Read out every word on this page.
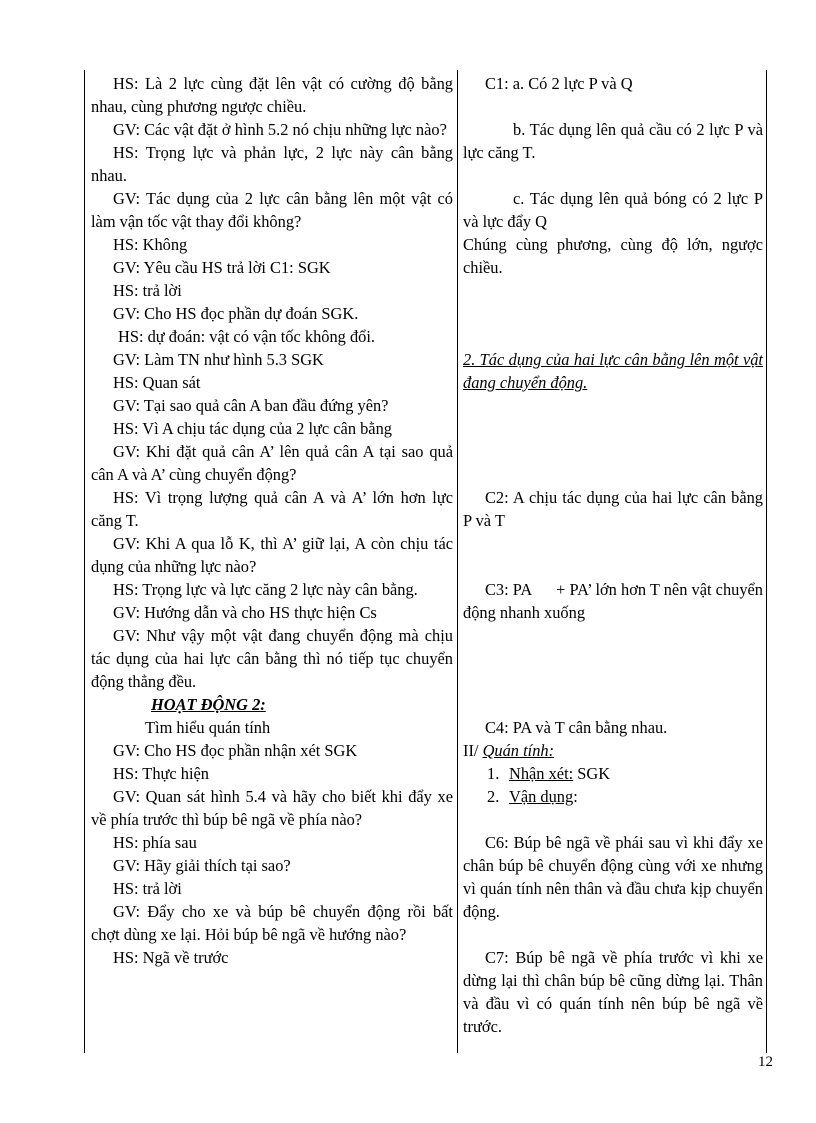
HS: Là 2 lực cùng đặt lên vật có cường độ bằng nhau, cùng phương ngược chiều.

GV: Các vật đặt ở hình 5.2 nó chịu những lực nào?

HS: Trọng lực và phản lực, 2 lực này cân bằng nhau.

GV: Tác dụng của 2 lực cân bằng lên một vật có làm vận tốc vật thay đổi không?

HS: Không

GV: Yêu cầu HS trả lời C1: SGK

HS: trả lời

GV: Cho HS đọc phần dự đoán SGK.

HS: dự đoán: vật có vận tốc không đổi.

GV: Làm TN như hình 5.3 SGK

HS: Quan sát

GV: Tại sao quả cân A ban đầu đứng yên?

HS: Vì A chịu tác dụng của 2 lực cân bằng

GV: Khi đặt quả cân A’ lên quả cân A tại sao quả cân A và A’ cùng chuyển động?

HS: Vì trọng lượng quả cân A và A’ lớn hơn lực căng T.

GV: Khi A qua lỗ K, thì A’ giữ lại, A còn chịu tác dụng của những lực nào?

HS: Trọng lực và lực căng 2 lực này cân bằng.

GV: Hướng dẫn và cho HS thực hiện Cs

GV: Như vậy một vật đang chuyển động mà chịu tác dụng của hai lực cân bằng thì nó tiếp tục chuyển động thẳng đều.

HOẠT ĐỘNG 2:

Tìm hiểu quán tính

GV: Cho HS đọc phần nhận xét SGK

HS: Thực hiện

GV: Quan sát hình 5.4 và hãy cho biết khi đẩy xe về phía trước thì búp bê ngã về phía nào?

HS: phía sau

GV: Hãy giải thích tại sao?

HS: trả lời

GV: Đẩy cho xe và búp bê chuyển động rồi bất chợt dùng xe lại. Hỏi búp bê ngã về hướng nào?

HS: Ngã về trước

C1: a. Có 2 lực P và Q

b. Tác dụng lên quả cầu có 2 lực P và lực căng T.

c. Tác dụng lên quả bóng có 2 lực P và lực đẩy Q

Chúng cùng phương, cùng độ lớn, ngược chiều.

2. Tác dụng của hai lực cân bằng lên một vật đang chuyển động.

C2: A chịu tác dụng của hai lực cân bằng P và T

C3: PA      + PA’ lớn hơn T nên vật chuyển động nhanh xuống

C4: PA và T cân bằng nhau.

II/ Quán tính:

1. Nhận xét: SGK

2. Vận dụng:

C6: Búp bê ngã về phái sau vì khi đẩy xe chân búp bê chuyển động cùng với xe nhưng vì quán tính nên thân và đầu chưa kịp chuyển động.

C7: Búp bê ngã về phía trước vì khi xe dừng lại thì chân búp bê cũng dừng lại. Thân và đầu vì có quán tính nên búp bê ngã về trước.

12
